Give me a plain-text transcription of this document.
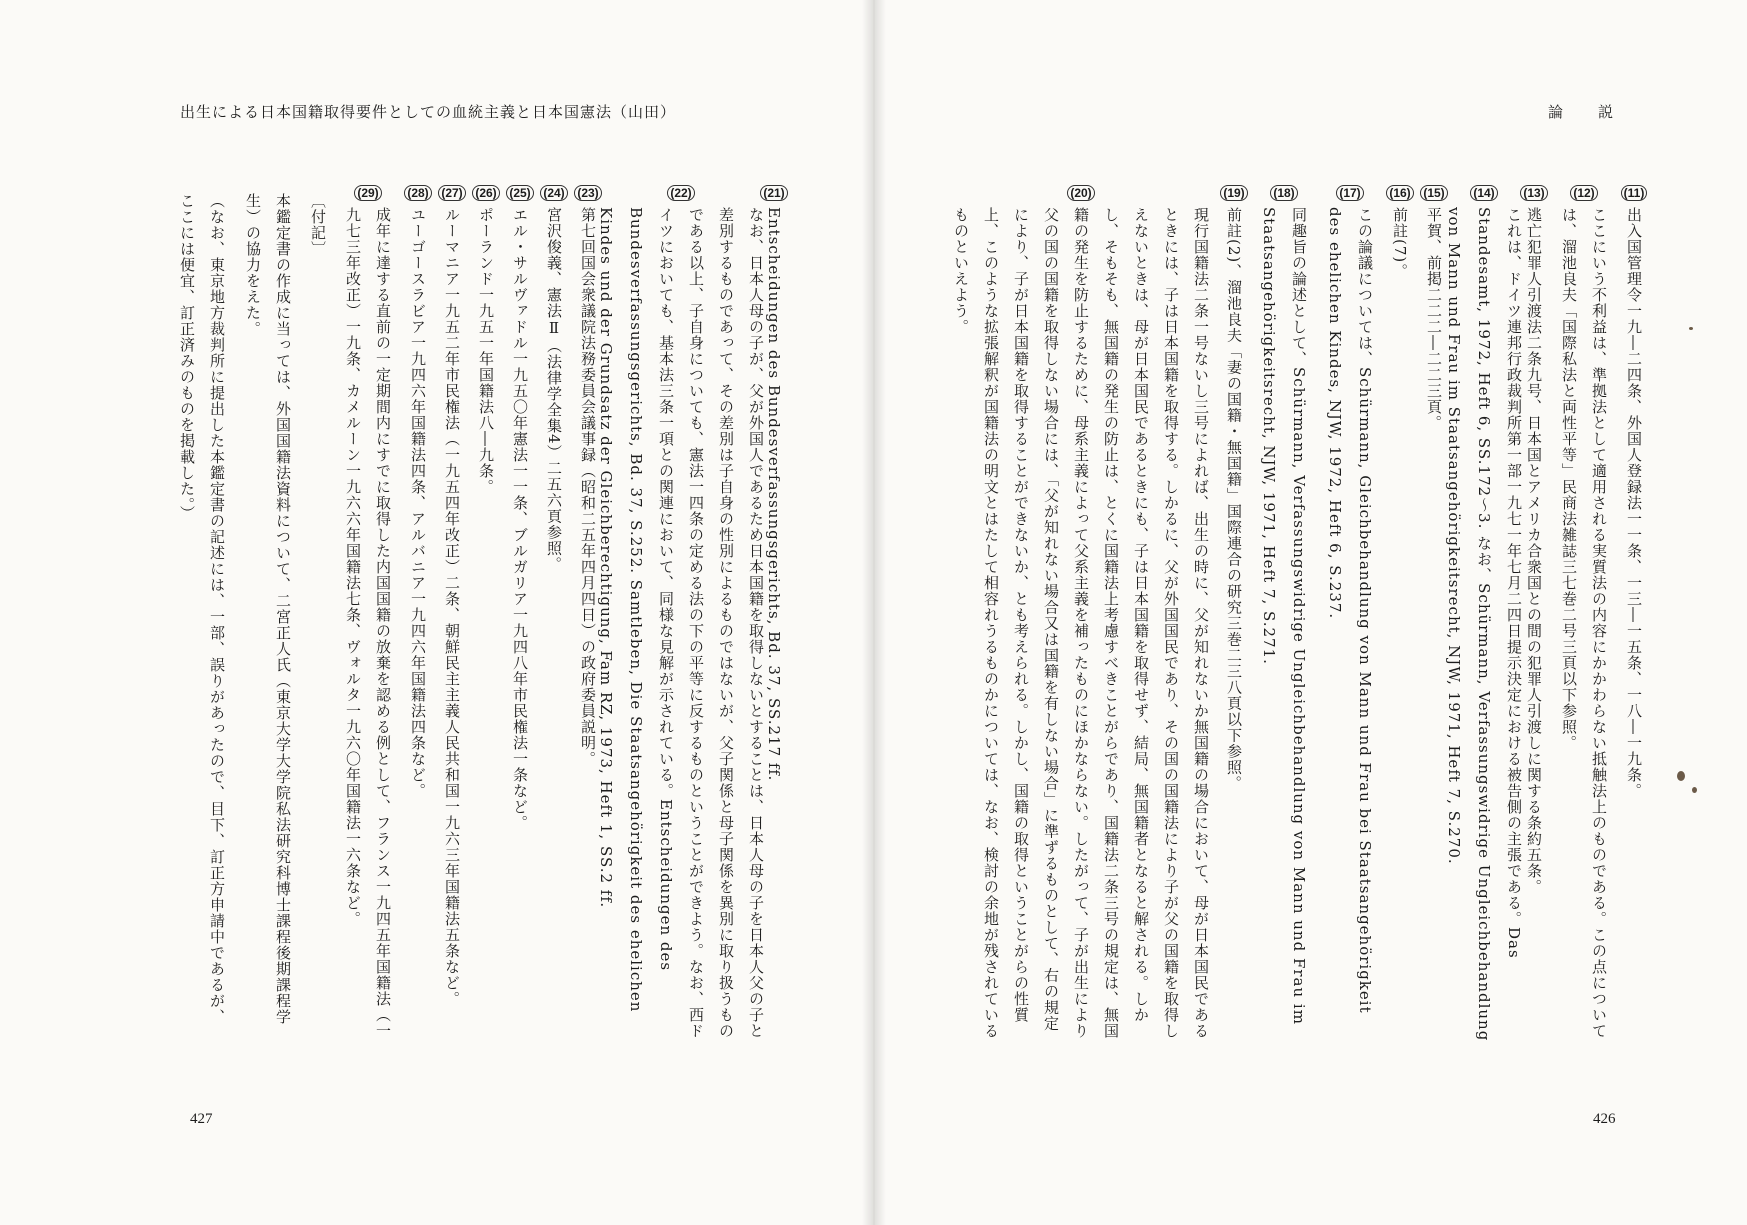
出生による日本国籍取得要件としての血統主義と日本国憲法（山田）	論　説
(21)
Entscheidungen des Bundesverfassungsgerichts, Bd. 37, SS.217 ff.
(22)
なお、日本人母の子が、父が外国人であるため日本国籍を取得しないとすることは、日本人母の子を日本人父の子と差別するものであって、その差別は子自身の性別によるものではないが、父子関係と母子関係を異別に取り扱うものである以上、子自身についても、憲法一四条の定める法の下の平等に反するものということができよう。なお、西ドイツにおいても、基本法三条一項との関連において、同様な見解が示されている。Entscheidungen des Bundesverfassungsgerichts, Bd. 37, S.252. Samtleben, Die Staatsangehörigkeit des ehelichen Kindes und der Grundsatz der Gleichberechtigung, Fam RZ, 1973, Heft 1, SS.2 ff.
(23)
第七回国会衆議院法務委員会議事録（昭和二五年四月四日）の政府委員説明。
(24)
宮沢俊義、憲法Ⅱ（法律学全集4）二五六頁参照。
(25)
エル・サルヴァドル一九五〇年憲法一一条、ブルガリア一九四八年市民権法一条など。
(26)
ポーランド一九五一年国籍法八―九条。
(27)
ルーマニア一九五二年市民権法（一九五四年改正）二条、朝鮮民主主義人民共和国一九六三年国籍法五条など。
(28)
ユーゴースラビア一九四六年国籍法四条、アルバニア一九四六年国籍法四条など。
(29)
成年に達する直前の一定期間内にすでに取得した内国国籍の放棄を認める例として、フランス一九四五年国籍法（一九七三年改正）一九条、カメルーン一九六六年国籍法七条、ヴォルタ一九六〇年国籍法一六条など。
〔付記〕
本鑑定書の作成に当っては、外国国籍法資料について、二宮正人氏（東京大学大学院私法研究科博士課程後期課程学生）の協力をえた。
（なお、東京地方裁判所に提出した本鑑定書の記述には、一部、誤りがあったので、目下、訂正方申請中であるが、ここには便宜、訂正済みのものを掲載した。）	(11)
出入国管理令一九―二四条、外国人登録法一一条、一三―一五条、一八―一九条。
(12)
ここにいう不利益は、準拠法として適用される実質法の内容にかかわらない抵触法上のものである。この点については、溜池良夫「国際私法と両性平等」民商法雑誌三七巻二号三頁以下参照。
(13)
逃亡犯罪人引渡法二条九号、日本国とアメリカ合衆国との間の犯罪人引渡しに関する条約五条。
(14)
これは、ドイツ連邦行政裁判所第一部一九七一年七月二四日提示決定における被告側の主張である。Das Standesamt, 1972, Heft 6, SS.172～3. なお、Schürmann, Verfassungswidrige Ungleichbehandlung von Mann und Frau im Staatsangehörigkeitsrecht, NJW, 1971, Heft 7, S.270.
(15)
平賀、前掲二二二―二二三頁。
(16)
前註(7)。
(17)
この論議については、Schürmann, Gleichbehandlung von Mann und Frau bei Staatsangehörigkeit des ehelichen Kindes, NJW, 1972, Heft 6, S.237.
(18)
同趣旨の論述として、Schürmann, Verfassungswidrige Ungleichbehandlung von Mann und Frau im Staatsangehörigkeitsrecht, NJW, 1971, Heft 7, S.271.
(19)
前註(2)、溜池良夫「妻の国籍・無国籍」国際連合の研究三巻二三八頁以下参照。
(20)
現行国籍法二条一号ないし三号によれば、出生の時に、父が知れないか無国籍の場合において、母が日本国民であるときには、子は日本国籍を取得する。しかるに、父が外国国民であり、その国の国籍法により子が父の国籍を取得しえないときは、母が日本国民であるときにも、子は日本国籍を取得せず、結局、無国籍者となると解される。しかし、そもそも、無国籍の発生の防止は、とくに国籍法上考慮すべきことがらであり、国籍法二条三号の規定は、無国籍の発生を防止するために、母系主義によって父系主義を補ったものにほかならない。したがって、子が出生により父の国の国籍を取得しない場合には、「父が知れない場合又は国籍を有しない場合」に準ずるものとして、右の規定により、子が日本国籍を取得することができないか、とも考えられる。しかし、国籍の取得ということがらの性質上、このような拡張解釈が国籍法の明文とはたして相容れうるものかについては、なお、検討の余地が残されているものといえよう。
427	426
